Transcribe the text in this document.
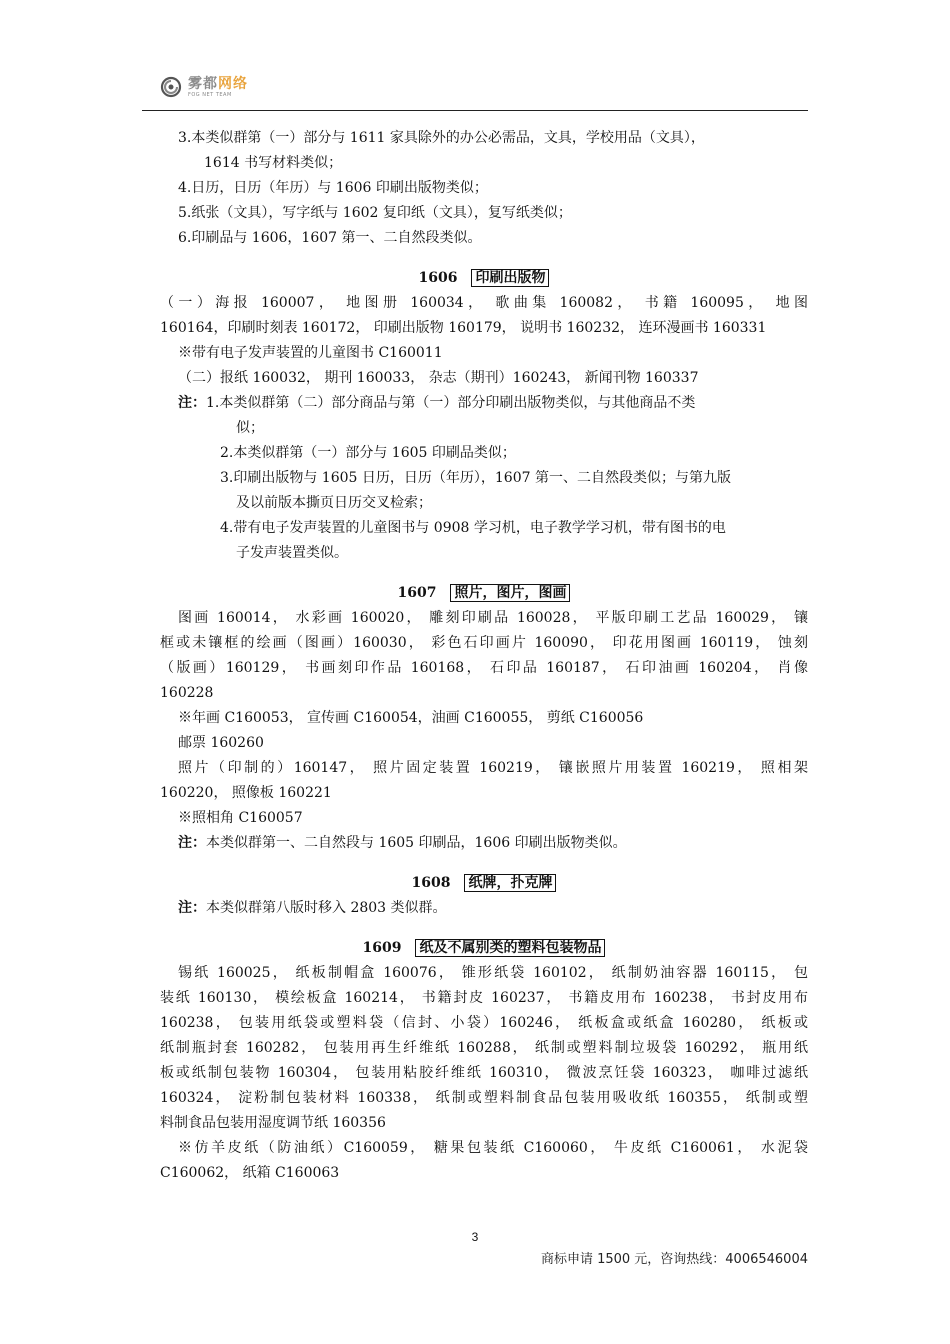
雾都网络
FOG NET TEAM
3.本类似群第（一）部分与 1611 家具除外的办公必需品，文具，学校用品（文具），
1614 书写材料类似；
4.日历，日历（年历）与 1606 印刷出版物类似；
5.纸张（文具），写字纸与 1602 复印纸（文具），复写纸类似；
6.印刷品与 1606，1607 第一、二自然段类似。
1606 印刷出版物
（一）海报 160007， 地图册 160034， 歌曲集 160082， 书籍 160095， 地图
160164，印刷时刻表 160172， 印刷出版物 160179， 说明书 160232， 连环漫画书 160331
※带有电子发声装置的儿童图书 C160011
（二）报纸 160032， 期刊 160033， 杂志（期刊）160243， 新闻刊物 160337
注：1.本类似群第（二）部分商品与第（一）部分印刷出版物类似，与其他商品不类
似；
2.本类似群第（一）部分与 1605 印刷品类似；
3.印刷出版物与 1605 日历，日历（年历），1607 第一、二自然段类似；与第九版
及以前版本撕页日历交叉检索；
4.带有电子发声装置的儿童图书与 0908 学习机，电子教学学习机，带有图书的电
子发声装置类似。
1607 照片，图片，图画
图画 160014， 水彩画 160020， 雕刻印刷品 160028， 平版印刷工艺品 160029， 镶
框或未镶框的绘画（图画）160030， 彩色石印画片 160090， 印花用图画 160119， 蚀刻
（版画）160129， 书画刻印作品 160168， 石印品 160187， 石印油画 160204， 肖像
160228
※年画 C160053， 宣传画 C160054，油画 C160055， 剪纸 C160056
邮票 160260
照片（印制的）160147， 照片固定装置 160219， 镶嵌照片用装置 160219， 照相架
160220， 照像板 160221
※照相角 C160057
注：本类似群第一、二自然段与 1605 印刷品，1606 印刷出版物类似。
1608 纸牌，扑克牌
注：本类似群第八版时移入 2803 类似群。
1609 纸及不属别类的塑料包装物品
锡纸 160025， 纸板制帽盒 160076， 锥形纸袋 160102， 纸制奶油容器 160115， 包
装纸 160130， 模绘板盒 160214， 书籍封皮 160237， 书籍皮用布 160238， 书封皮用布
160238， 包装用纸袋或塑料袋（信封、小袋）160246， 纸板盒或纸盒 160280， 纸板或
纸制瓶封套 160282， 包装用再生纤维纸 160288， 纸制或塑料制垃圾袋 160292， 瓶用纸
板或纸制包装物 160304， 包装用粘胶纤维纸 160310， 微波烹饪袋 160323， 咖啡过滤纸
160324， 淀粉制包装材料 160338， 纸制或塑料制食品包装用吸收纸 160355， 纸制或塑
料制食品包装用湿度调节纸 160356
※仿羊皮纸（防油纸）C160059， 糖果包装纸 C160060， 牛皮纸 C160061， 水泥袋
C160062， 纸箱 C160063
3
商标申请 1500 元，咨询热线：4006546004
